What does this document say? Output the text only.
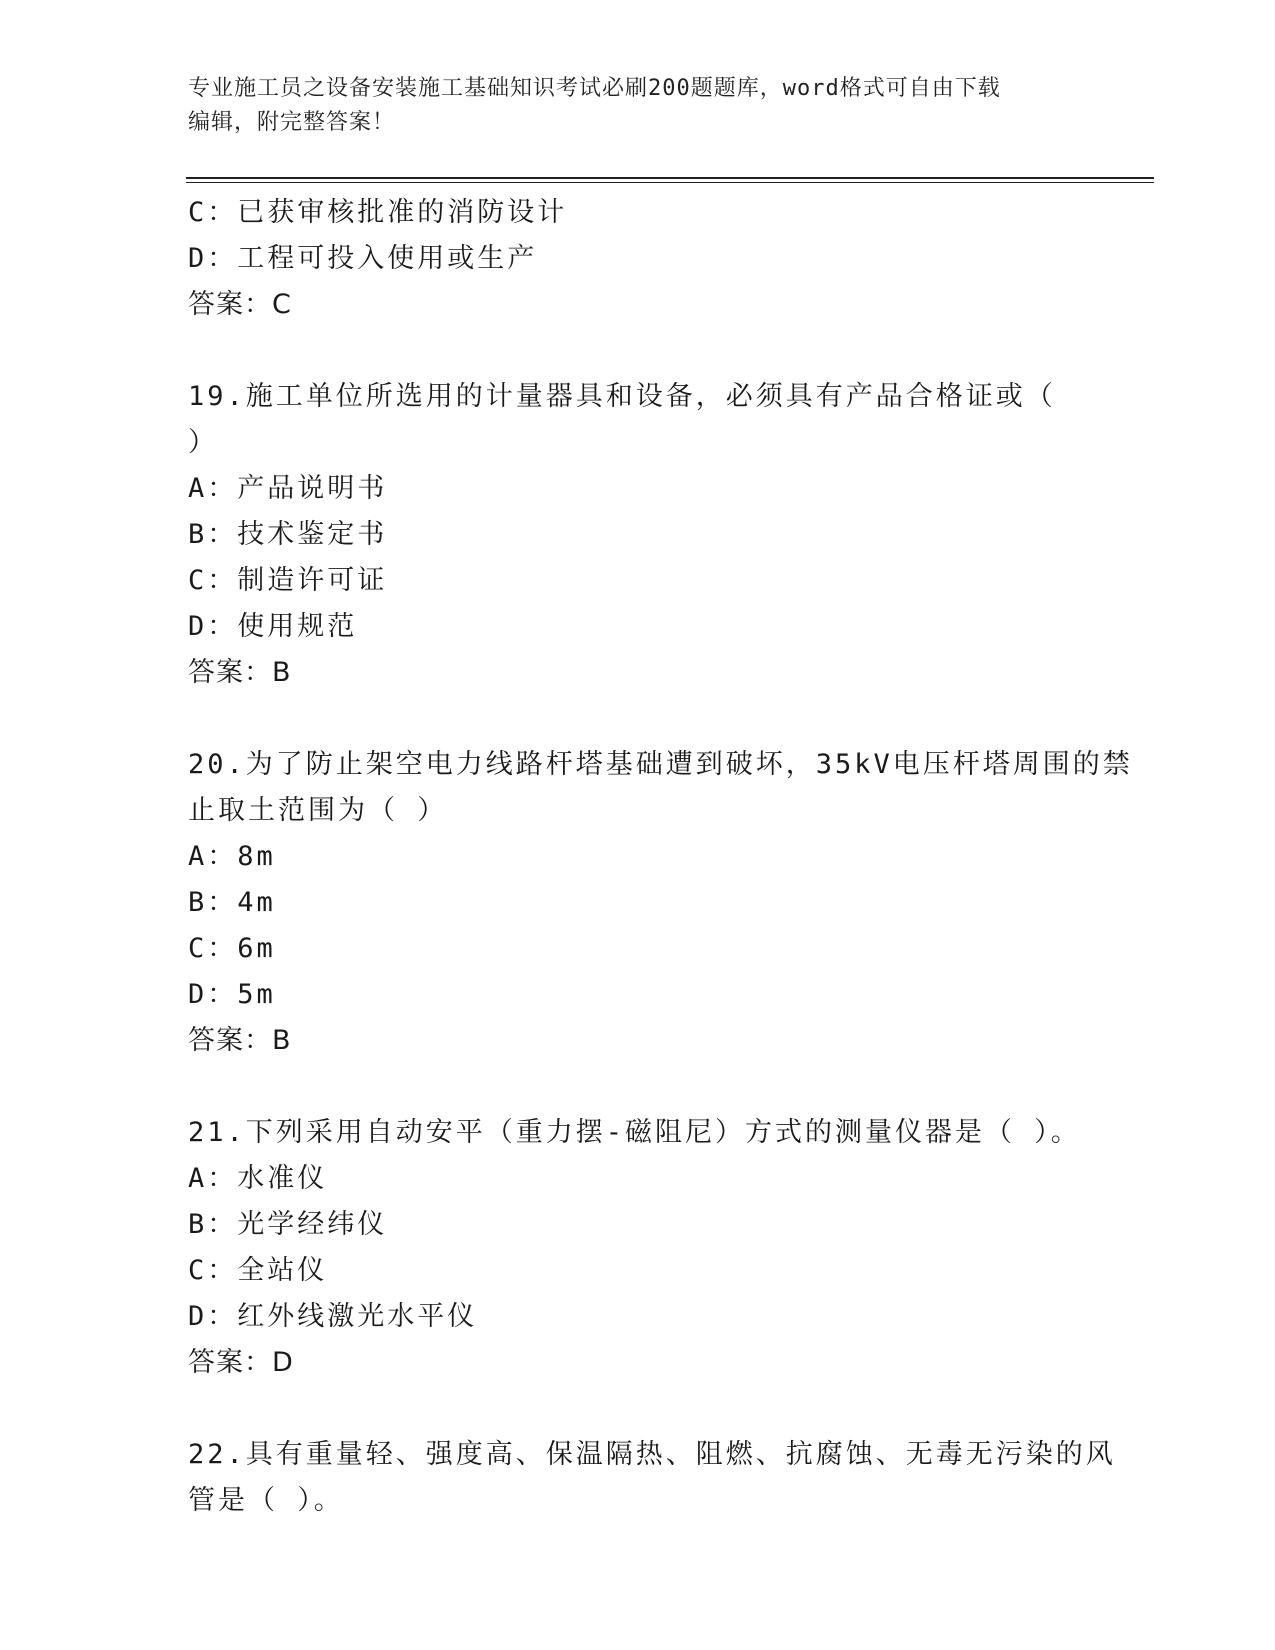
专业施工员之设备安装施工基础知识考试必刷200题题库，word格式可自由下载
编辑，附完整答案！
C：已获审核批准的消防设计
D：工程可投入使用或生产
答案：C
19.施工单位所选用的计量器具和设备，必须具有产品合格证或（ ）
A：产品说明书
B：技术鉴定书
C：制造许可证
D：使用规范
答案：B
20.为了防止架空电力线路杆塔基础遭到破坏，35kV电压杆塔周围的禁
止取土范围为（ ）
A：8m
B：4m
C：6m
D：5m
答案：B
21.下列采用自动安平（重力摆-磁阻尼）方式的测量仪器是（ ）。
A：水准仪
B：光学经纬仪
C：全站仪
D：红外线激光水平仪
答案：D
22.具有重量轻、强度高、保温隔热、阻燃、抗腐蚀、无毒无污染的风
管是（ ）。
